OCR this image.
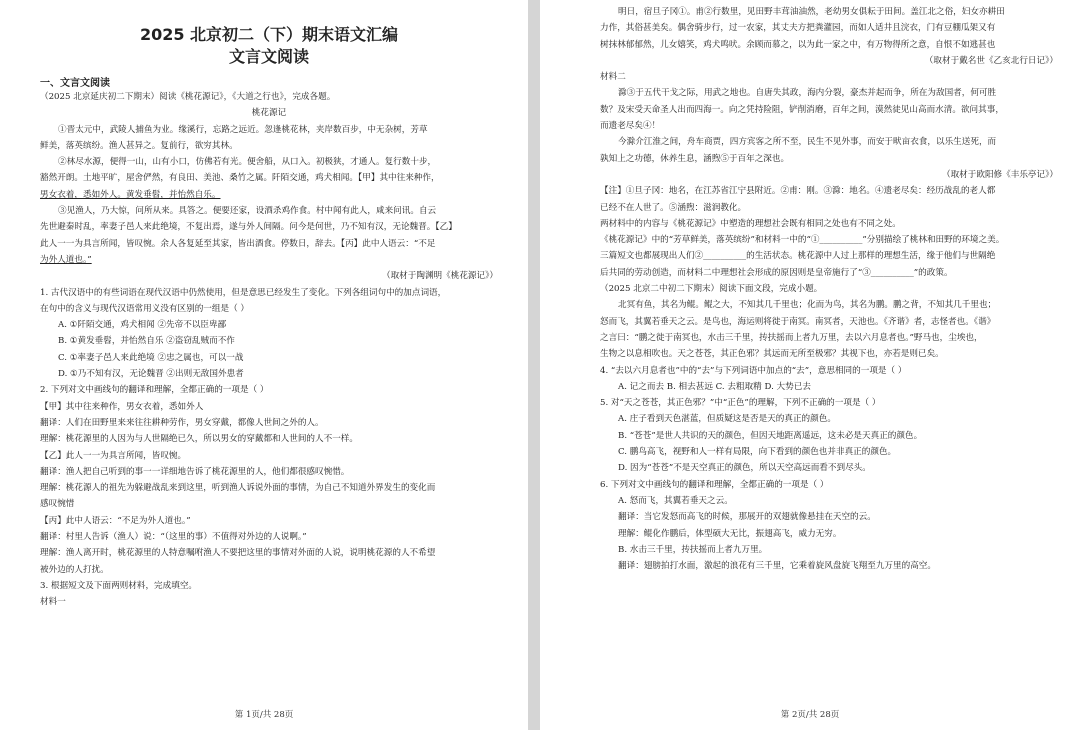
2025 北京初二（下）期末语文汇编
文言文阅读
一、文言文阅读
（2025 北京延庆初二下期末）阅读《桃花源记》，《大道之行也》，完成各题。
桃花源记
①晋太元中，武陵人捕鱼为业。缘溪行，忘路之远近。忽逢桃花林，夹岸数百步，中无杂树，芳草
鲜美，落英缤纷。渔人甚异之。复前行，欲穷其林。
②林尽水源，便得一山，山有小口，仿佛若有光。便舍船，从口入。初极狭，才通人。复行数十步，
豁然开朗。土地平旷，屋舍俨然，有良田、美池、桑竹之属。阡陌交通，鸡犬相闻。【甲】其中往来种作，
男女衣着，悉如外人。黄发垂髫，并怡然自乐。
③见渔人，乃大惊，问所从来。具答之。便要还家，设酒杀鸡作食。村中闻有此人，咸来问讯。自云
先世避秦时乱，率妻子邑人来此绝境，不复出焉，遂与外人间隔。问今是何世，乃不知有汉，无论魏晋。【乙】
此人一一为具言所闻，皆叹惋。余人各复延至其家，皆出酒食。停数日，辞去。【丙】此中人语云：“不足
为外人道也。”
（取材于陶渊明《桃花源记》）
1. 古代汉语中的有些词语在现代汉语中仍然使用，但是意思已经发生了变化。下列各组词句中的加点词语，
在句中的含义与现代汉语常用义没有区别的一组是（ ）
A. ①阡陌交通，鸡犬相闻 ②先帝不以臣卑鄙
B. ①黄发垂髫，并怡然自乐 ②盗窃乱贼而不作
C. ①率妻子邑人来此绝境 ②忠之属也，可以一战
D. ①乃不知有汉，无论魏晋 ②出则无敌国外患者
2. 下列对文中画线句的翻译和理解，全都正确的一项是（ ）
【甲】其中往来种作，男女衣着，悉如外人
翻译：人们在田野里来来往往耕种劳作，男女穿戴，都像人世间之外的人。
理解：桃花源里的人因为与人世隔绝已久，所以男女的穿戴都和人世间的人不一样。
【乙】此人一一为具言所闻，皆叹惋。
翻译：渔人把自己听到的事一一详细地告诉了桃花源里的人，他们都很感叹惋惜。
理解：桃花源人的祖先为躲避战乱来到这里，听到渔人诉说外面的事情，为自己不知道外界发生的变化而
感叹惋惜
【丙】此中人语云：“不足为外人道也。”
翻译：村里人告诉（渔人）说：“（这里的事）不值得对外边的人说啊。”
理解：渔人离开时，桃花源里的人特意嘱咐渔人不要把这里的事情对外面的人说，说明桃花源的人不希望
被外边的人打扰。
3. 根据短文及下面两则材料，完成填空。
材料一
第 1页/共 28页
明日，宿旦子冈①。甫②行数里，见田野丰茸油油然，老幼男女俱耘于田间。盖江北之俗，妇女亦耕田
力作，其俗甚美矣。偶舍骑步行，过一农家，其丈夫方把粪灌园，而如人适井且浣衣，门有豆棚瓜架又有
树抹林郁郁然，儿女嬉笑，鸡犬鸣吠。余顾而慕之，以为此一家之中，有万物得所之意，自恨不如逃甚也
（取材于戴名世《乙亥北行日记》）
材料二
滁③于五代干戈之际，用武之地也。自唐失其政，海内分裂，豪杰并起而争，所在为敌国者，何可胜
数？及宋受天命圣人出而四海一。向之凭持险阻，铲削消磨，百年之间，漠然徒见山高而水清。欲问其事，
而遗老尽矣④！
今滁介江淮之间，舟车商贾，四方宾客之所不至，民生不见外事，而安于畎亩衣食，以乐生送死，而
孰知上之功德，休养生息，涵煦⑤于百年之深也。
（取材于欧阳修《丰乐亭记》）
【注】①旦子冈：地名，在江苏省江宁县附近。②甫：刚。③滁：地名。④遗老尽矣：经历战乱的老人都
已经不在人世了。⑤涵煦：滋润教化。
两材料中的内容与《桃花源记》中塑造的理想社会既有相同之处也有不同之处。
《桃花源记》中的“芳草鲜美，落英缤纷”和材料一中的“①__________”分别描绘了桃林和田野的环境之美。
三篇短文也都展现出人们②__________的生活状态。桃花源中人过上那样的理想生活，缘于他们与世隔绝
后共同的劳动创造，而材料二中理想社会形成的原因则是皇帝施行了“③__________”的政策。
（2025 北京二中初二下期末）阅读下面文段，完成小题。
北冥有鱼，其名为鲲。鲲之大，不知其几千里也；化而为鸟，其名为鹏。鹏之背，不知其几千里也；
怒而飞，其翼若垂天之云。是鸟也，海运则将徙于南冥。南冥者，天池也。《齐谐》者，志怪者也。《谐》
之言曰：“鹏之徙于南冥也，水击三千里，抟扶摇而上者九万里，去以六月息者也。”野马也，尘埃也，
生物之以息相吹也。天之苍苍，其正色邪？其远而无所至极邪？其视下也，亦若是则已矣。
4. “去以六月息者也”中的“去”与下列词语中加点的“去”，意思相同的一项是（ ）
A. 记之而去 B. 相去甚远 C. 去粗取精 D. 大势已去
5. 对“天之苍苍，其正色邪？”中“正色”的理解，下列不正确的一项是（ ）
A. 庄子看到天色湛蓝，但质疑这是否是天的真正的颜色。
B. “苍苍”是世人共识的天的颜色，但因天地距离遥远，这未必是天真正的颜色。
C. 鹏鸟高飞，视野和人一样有局限，向下看到的颜色也并非真正的颜色。
D. 因为“苍苍”不是天空真正的颜色，所以天空高远而看不到尽头。
6. 下列对文中画线句的翻译和理解，全都正确的一项是（ ）
A. 怒而飞，其翼若垂天之云。
翻译：当它发怒而高飞的时候，那展开的双翅就像悬挂在天空的云。
理解：鲲化作鹏后，体型硕大无比，振翅高飞，威力无穷。
B. 水击三千里，抟扶摇而上者九万里。
翻译：翅膀拍打水面，激起的浪花有三千里，它乘着旋风盘旋飞翔至九万里的高空。
第 2页/共 28页
